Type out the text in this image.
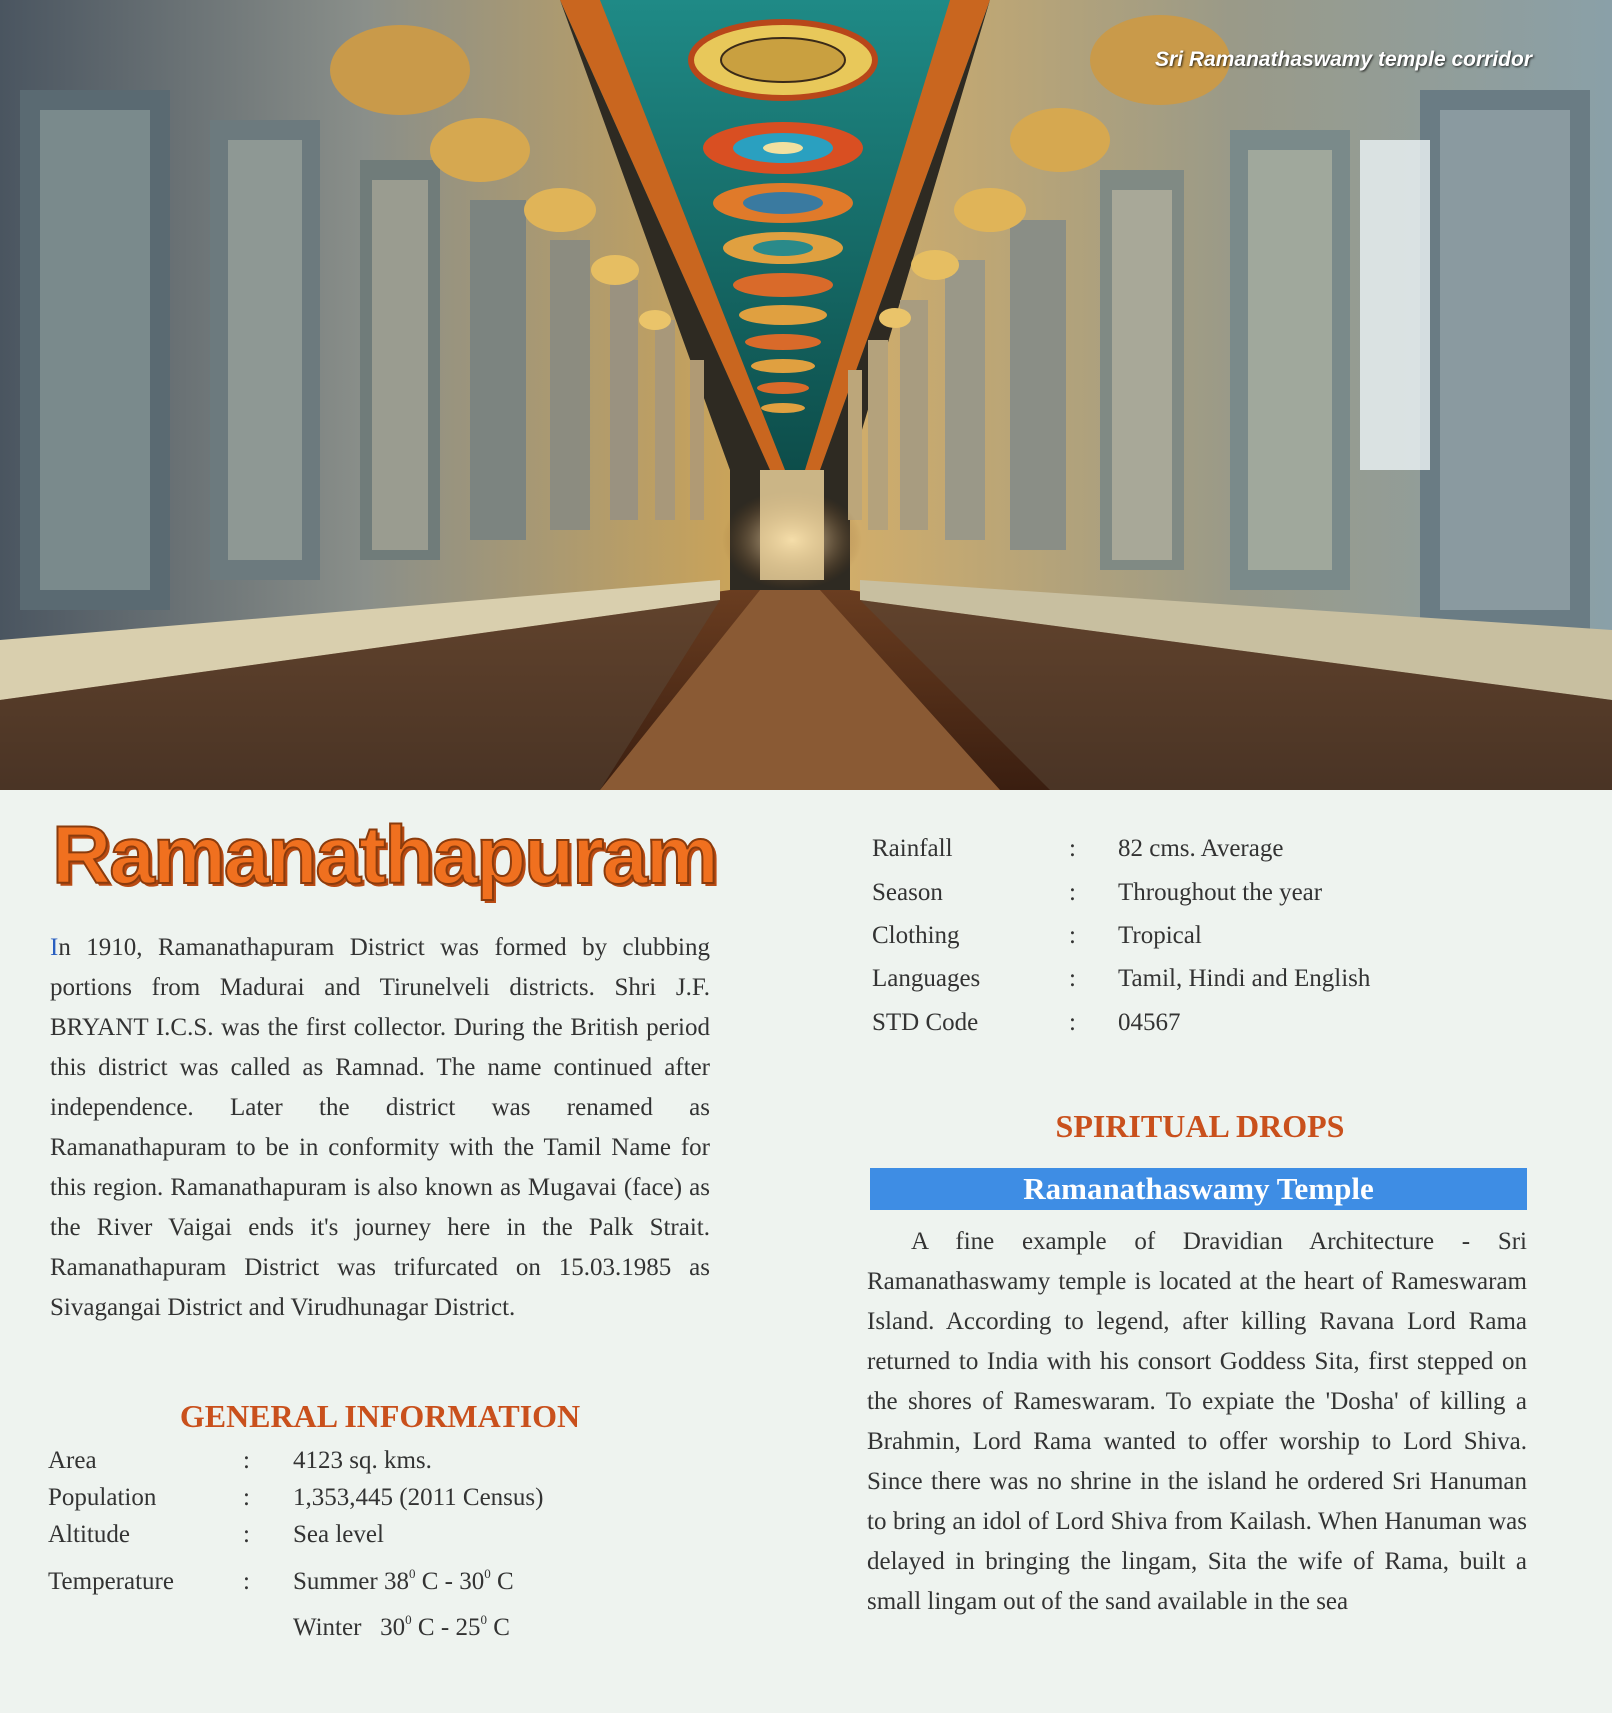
Sri Ramanathaswamy temple corridor
Ramanathapuram
In 1910, Ramanathapuram District was formed by clubbing portions from Madurai and Tirunelveli districts. Shri J.F. BRYANT I.C.S. was the first collector. During the British period this district was called as Ramnad. The name continued after independence. Later the district was renamed as Ramanathapuram to be in conformity with the Tamil Name for this region. Ramanathapuram is also known as Mugavai (face) as the River Vaigai ends it's journey here in the Palk Strait. Ramanathapuram District was trifurcated on 15.03.1985 as Sivagangai District and Virudhunagar District.
GENERAL INFORMATION
Area	: 4123 sq. kms.
Population	: 1,353,445 (2011 Census)
Altitude	: Sea level
Temperature	: Summer $38^0$ C - $30^0$ C
Winter $30^0$ C - $25^0$ C
Rainfall	: 82 cms. Average
Season	: Throughout the year
Clothing	: Tropical
Languages	: Tamil, Hindi and English
STD Code	: 04567
SPIRITUAL DROPS
Ramanathaswamy Temple
A fine example of Dravidian Architecture - Sri Ramanathaswamy temple is located at the heart of Rameswaram Island. According to legend, after killing Ravana Lord Rama returned to India with his consort Goddess Sita, first stepped on the shores of Rameswaram. To expiate the 'Dosha' of killing a Brahmin, Lord Rama wanted to offer worship to Lord Shiva. Since there was no shrine in the island he ordered Sri Hanuman to bring an idol of Lord Shiva from Kailash. When Hanuman was delayed in bringing the lingam, Sita the wife of Rama, built a small lingam out of the sand available in the sea
